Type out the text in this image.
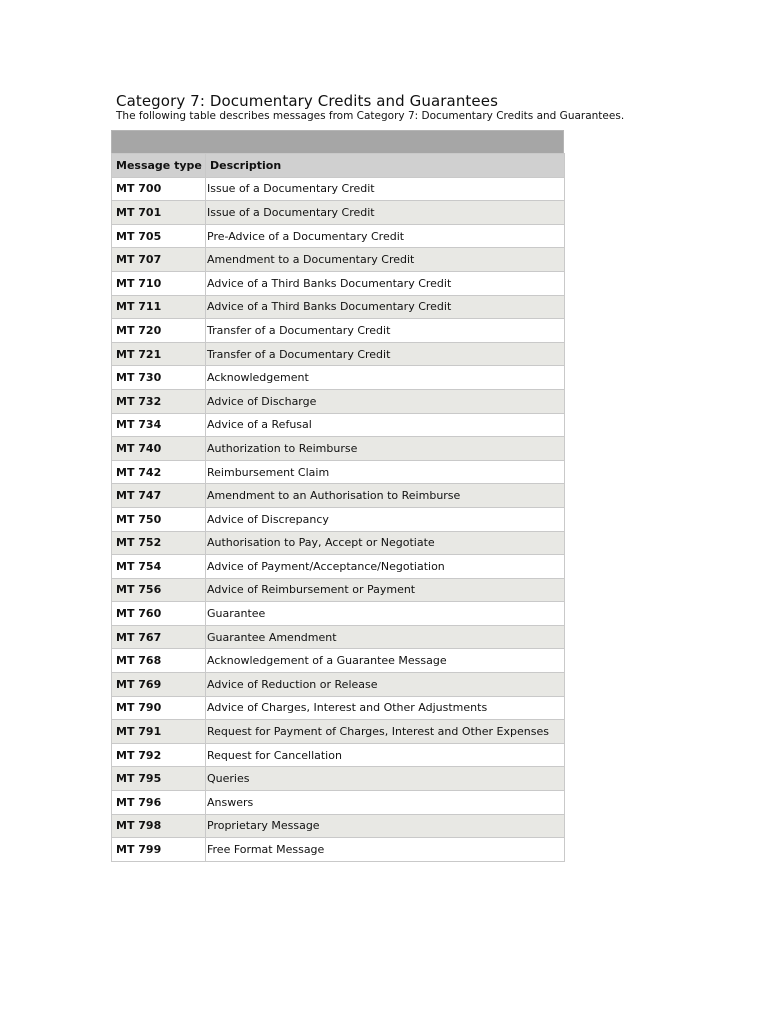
Category 7: Documentary Credits and Guarantees

The following table describes messages from Category 7: Documentary Credits and Guarantees.

Message type	Description
MT 700	Issue of a Documentary Credit
MT 701	Issue of a Documentary Credit
MT 705	Pre-Advice of a Documentary Credit
MT 707	Amendment to a Documentary Credit
MT 710	Advice of a Third Banks Documentary Credit
MT 711	Advice of a Third Banks Documentary Credit
MT 720	Transfer of a Documentary Credit
MT 721	Transfer of a Documentary Credit
MT 730	Acknowledgement
MT 732	Advice of Discharge
MT 734	Advice of a Refusal
MT 740	Authorization to Reimburse
MT 742	Reimbursement Claim
MT 747	Amendment to an Authorisation to Reimburse
MT 750	Advice of Discrepancy
MT 752	Authorisation to Pay, Accept or Negotiate
MT 754	Advice of Payment/Acceptance/Negotiation
MT 756	Advice of Reimbursement or Payment
MT 760	Guarantee
MT 767	Guarantee Amendment
MT 768	Acknowledgement of a Guarantee Message
MT 769	Advice of Reduction or Release
MT 790	Advice of Charges, Interest and Other Adjustments
MT 791	Request for Payment of Charges, Interest and Other Expenses
MT 792	Request for Cancellation
MT 795	Queries
MT 796	Answers
MT 798	Proprietary Message
MT 799	Free Format Message
